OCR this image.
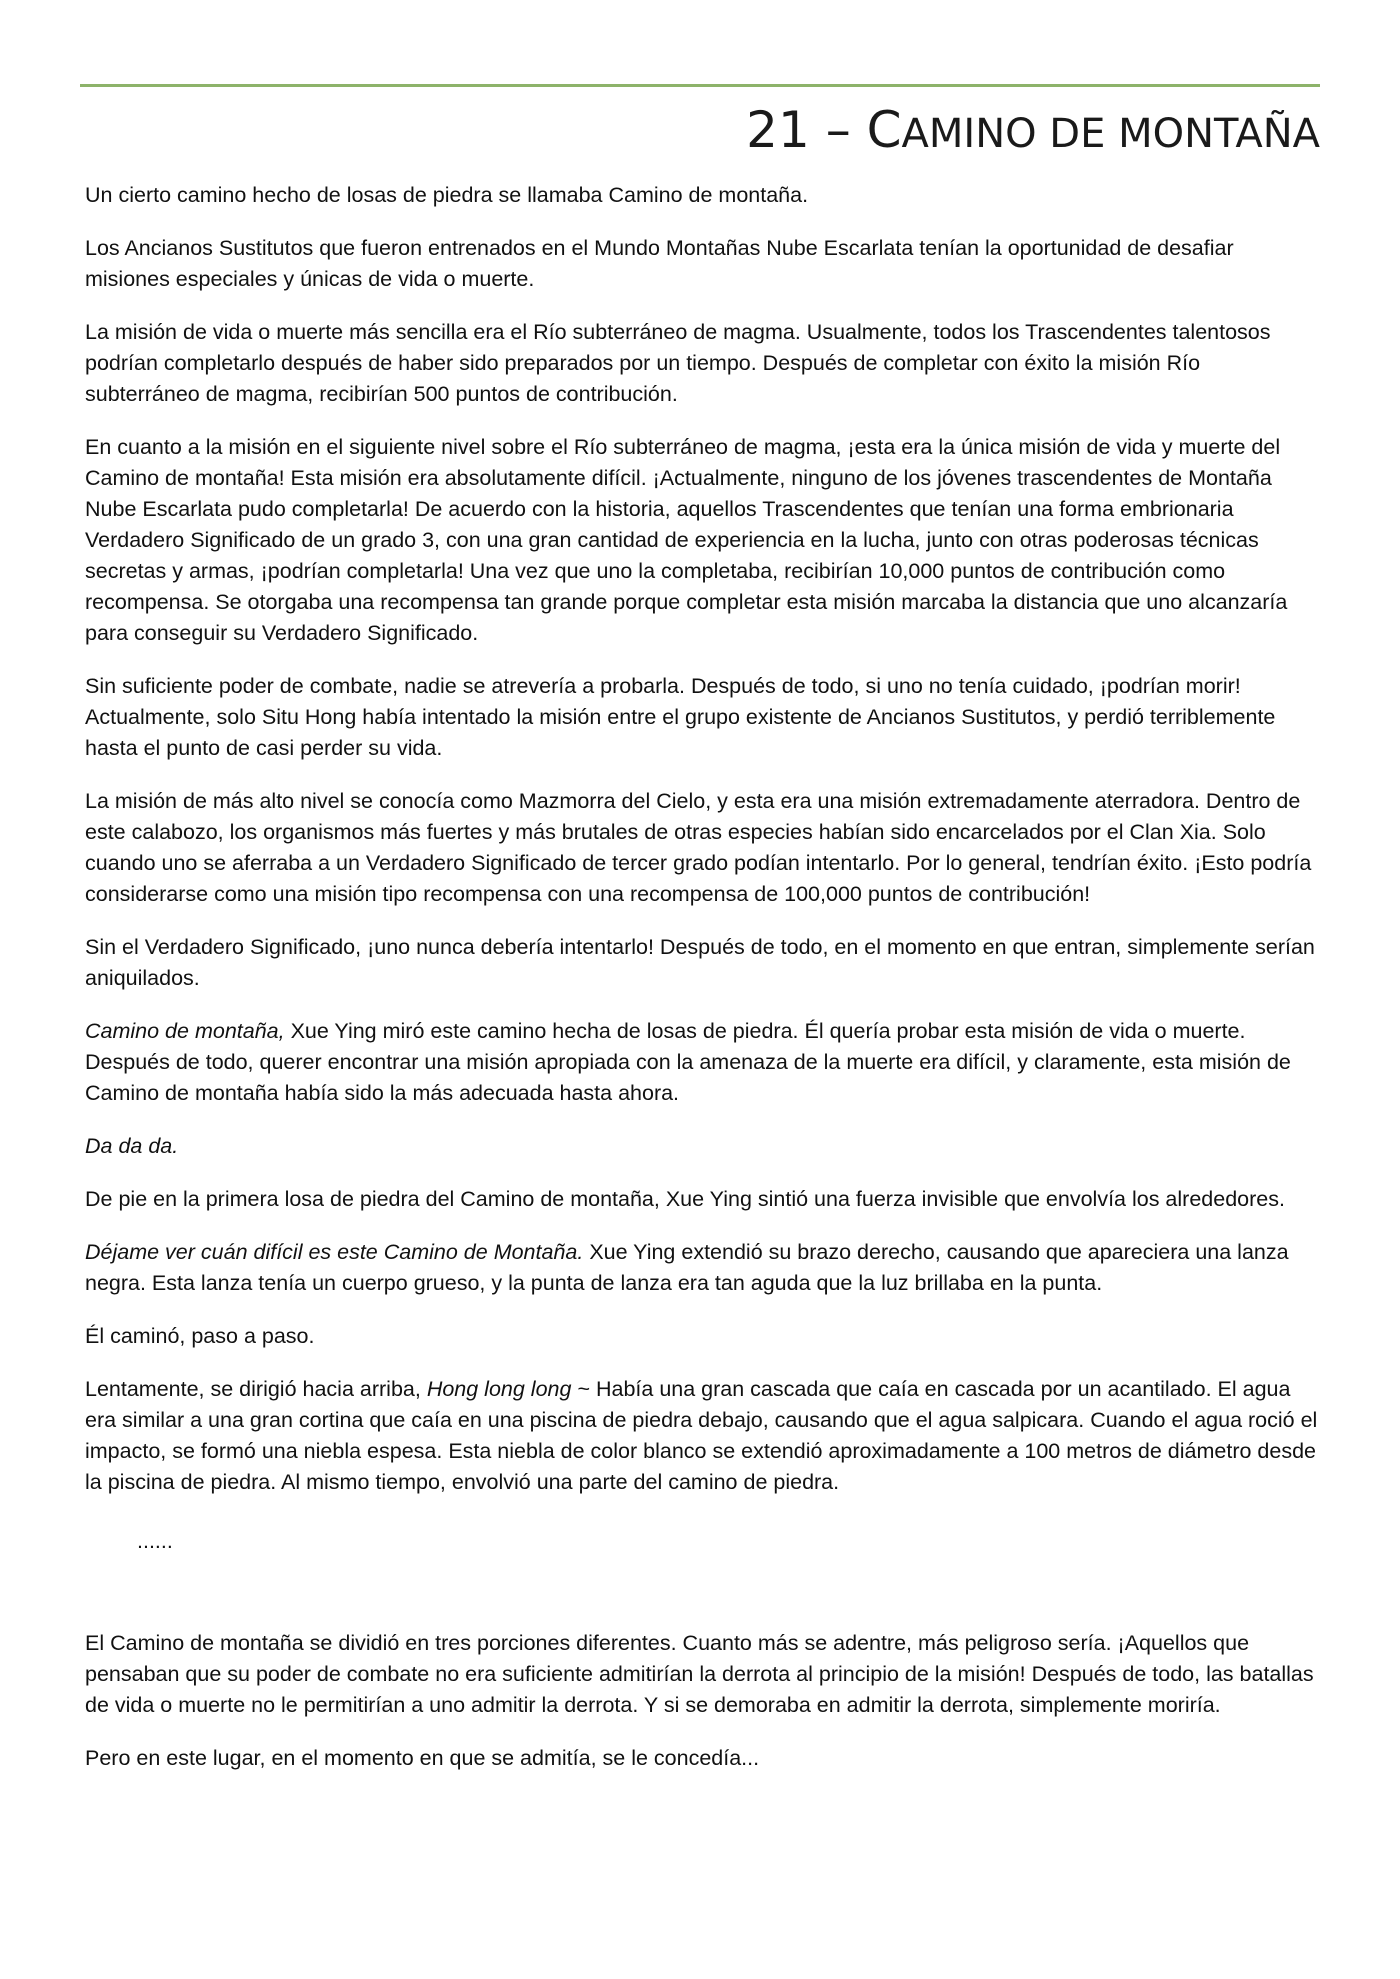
21 – CAMINO DE MONTAÑA

Un cierto camino hecho de losas de piedra se llamaba Camino de montaña.

Los Ancianos Sustitutos que fueron entrenados en el Mundo Montañas Nube Escarlata tenían la oportunidad de desafiar misiones especiales y únicas de vida o muerte.

La misión de vida o muerte más sencilla era el Río subterráneo de magma. Usualmente, todos los Trascendentes talentosos podrían completarlo después de haber sido preparados por un tiempo. Después de completar con éxito la misión Río subterráneo de magma, recibirían 500 puntos de contribución.

En cuanto a la misión en el siguiente nivel sobre el Río subterráneo de magma, ¡esta era la única misión de vida y muerte del Camino de montaña! Esta misión era absolutamente difícil. ¡Actualmente, ninguno de los jóvenes trascendentes de Montaña Nube Escarlata pudo completarla! De acuerdo con la historia, aquellos Trascendentes que tenían una forma embrionaria Verdadero Significado de un grado 3, con una gran cantidad de experiencia en la lucha, junto con otras poderosas técnicas secretas y armas, ¡podrían completarla! Una vez que uno la completaba, recibirían 10,000 puntos de contribución como recompensa. Se otorgaba una recompensa tan grande porque completar esta misión marcaba la distancia que uno alcanzaría para conseguir su Verdadero Significado.

Sin suficiente poder de combate, nadie se atrevería a probarla. Después de todo, si uno no tenía cuidado, ¡podrían morir! Actualmente, solo Situ Hong había intentado la misión entre el grupo existente de Ancianos Sustitutos, y perdió terriblemente hasta el punto de casi perder su vida.

La misión de más alto nivel se conocía como Mazmorra del Cielo, y esta era una misión extremadamente aterradora. Dentro de este calabozo, los organismos más fuertes y más brutales de otras especies habían sido encarcelados por el Clan Xia. Solo cuando uno se aferraba a un Verdadero Significado de tercer grado podían intentarlo. Por lo general, tendrían éxito. ¡Esto podría considerarse como una misión tipo recompensa con una recompensa de 100,000 puntos de contribución!

Sin el Verdadero Significado, ¡uno nunca debería intentarlo! Después de todo, en el momento en que entran, simplemente serían aniquilados.

Camino de montaña, Xue Ying miró este camino hecha de losas de piedra. Él quería probar esta misión de vida o muerte. Después de todo, querer encontrar una misión apropiada con la amenaza de la muerte era difícil, y claramente, esta misión de Camino de montaña había sido la más adecuada hasta ahora.

Da da da.

De pie en la primera losa de piedra del Camino de montaña, Xue Ying sintió una fuerza invisible que envolvía los alrededores.

Déjame ver cuán difícil es este Camino de Montaña. Xue Ying extendió su brazo derecho, causando que apareciera una lanza negra. Esta lanza tenía un cuerpo grueso, y la punta de lanza era tan aguda que la luz brillaba en la punta.

Él caminó, paso a paso.

Lentamente, se dirigió hacia arriba, Hong long long ~ Había una gran cascada que caía en cascada por un acantilado. El agua era similar a una gran cortina que caía en una piscina de piedra debajo, causando que el agua salpicara. Cuando el agua roció el impacto, se formó una niebla espesa. Esta niebla de color blanco se extendió aproximadamente a 100 metros de diámetro desde la piscina de piedra. Al mismo tiempo, envolvió una parte del camino de piedra.

......

El Camino de montaña se dividió en tres porciones diferentes. Cuanto más se adentre, más peligroso sería. ¡Aquellos que pensaban que su poder de combate no era suficiente admitirían la derrota al principio de la misión! Después de todo, las batallas de vida o muerte no le permitirían a uno admitir la derrota. Y si se demoraba en admitir la derrota, simplemente moriría.

Pero en este lugar, en el momento en que se admitía, se le concedía...
